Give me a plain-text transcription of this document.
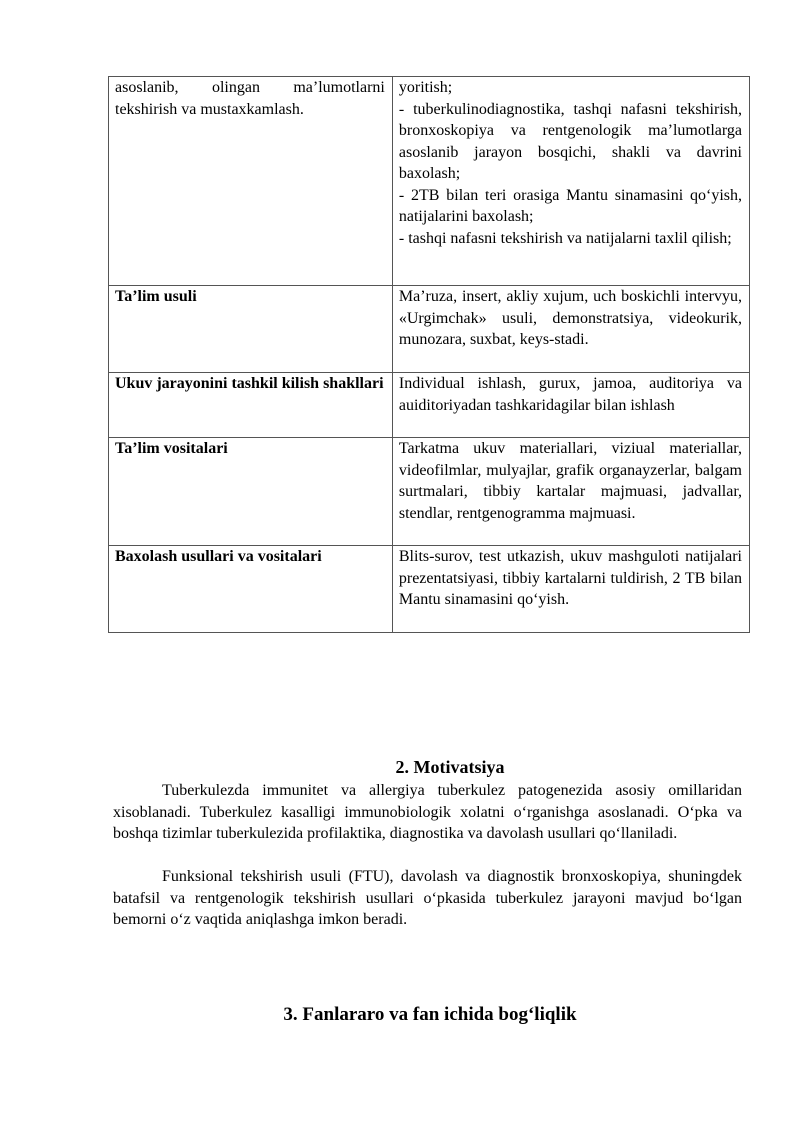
asoslanib, olingan ma’lumotlarni tekshirish va mustaxkamlash.	yoritish;
- tuberkulinodiagnostika, tashqi nafasni tekshirish, bronxoskopiya va rentgenologik ma’lumotlarga asoslanib jarayon bosqichi, shakli va davrini baxolash;
- 2TB bilan teri orasiga Mantu sinamasini qo‘yish, natijalarini baxolash;
- tashqi nafasni tekshirish va natijalarni taxlil qilish;

Ta’lim usuli	Ma’ruza, insert, akliy xujum, uch boskichli intervyu, «Urgimchak» usuli, demonstratsiya, videokurik, munozara, suxbat, keys-stadi.

Ukuv jarayonini tashkil kilish shakllari	Individual ishlash, gurux, jamoa, auditoriya va auiditoriyadan tashkaridagilar bilan ishlash

Ta’lim vositalari	Tarkatma ukuv materiallari, viziual materiallar, videofilmlar, mulyajlar, grafik organayzerlar, balgam surtmalari, tibbiy kartalar majmuasi, jadvallar, stendlar, rentgenogramma majmuasi.

Baxolash usullari va vositalari	Blits-surov, test utkazish, ukuv mashguloti natijalari prezentatsiyasi, tibbiy kartalarni tuldirish, 2 TB bilan Mantu sinamasini qo‘yish.
2. Motivatsiya

Tuberkulezda immunitet va allergiya tuberkulez patogenezida asosiy omillaridan xisoblanadi. Tuberkulez kasalligi immunobiologik xolatni o‘rganishga asoslanadi. O‘pka va boshqa tizimlar tuberkulezida profilaktika, diagnostika va davolash usullari qo‘llaniladi.

Funksional tekshirish usuli (FTU), davolash va diagnostik bronxoskopiya, shuningdek batafsil va rentgenologik tekshirish usullari o‘pkasida tuberkulez jarayoni mavjud bo‘lgan bemorni o‘z vaqtida aniqlashga imkon beradi.

3. Fanlararo va fan ichida bog‘liqlik
